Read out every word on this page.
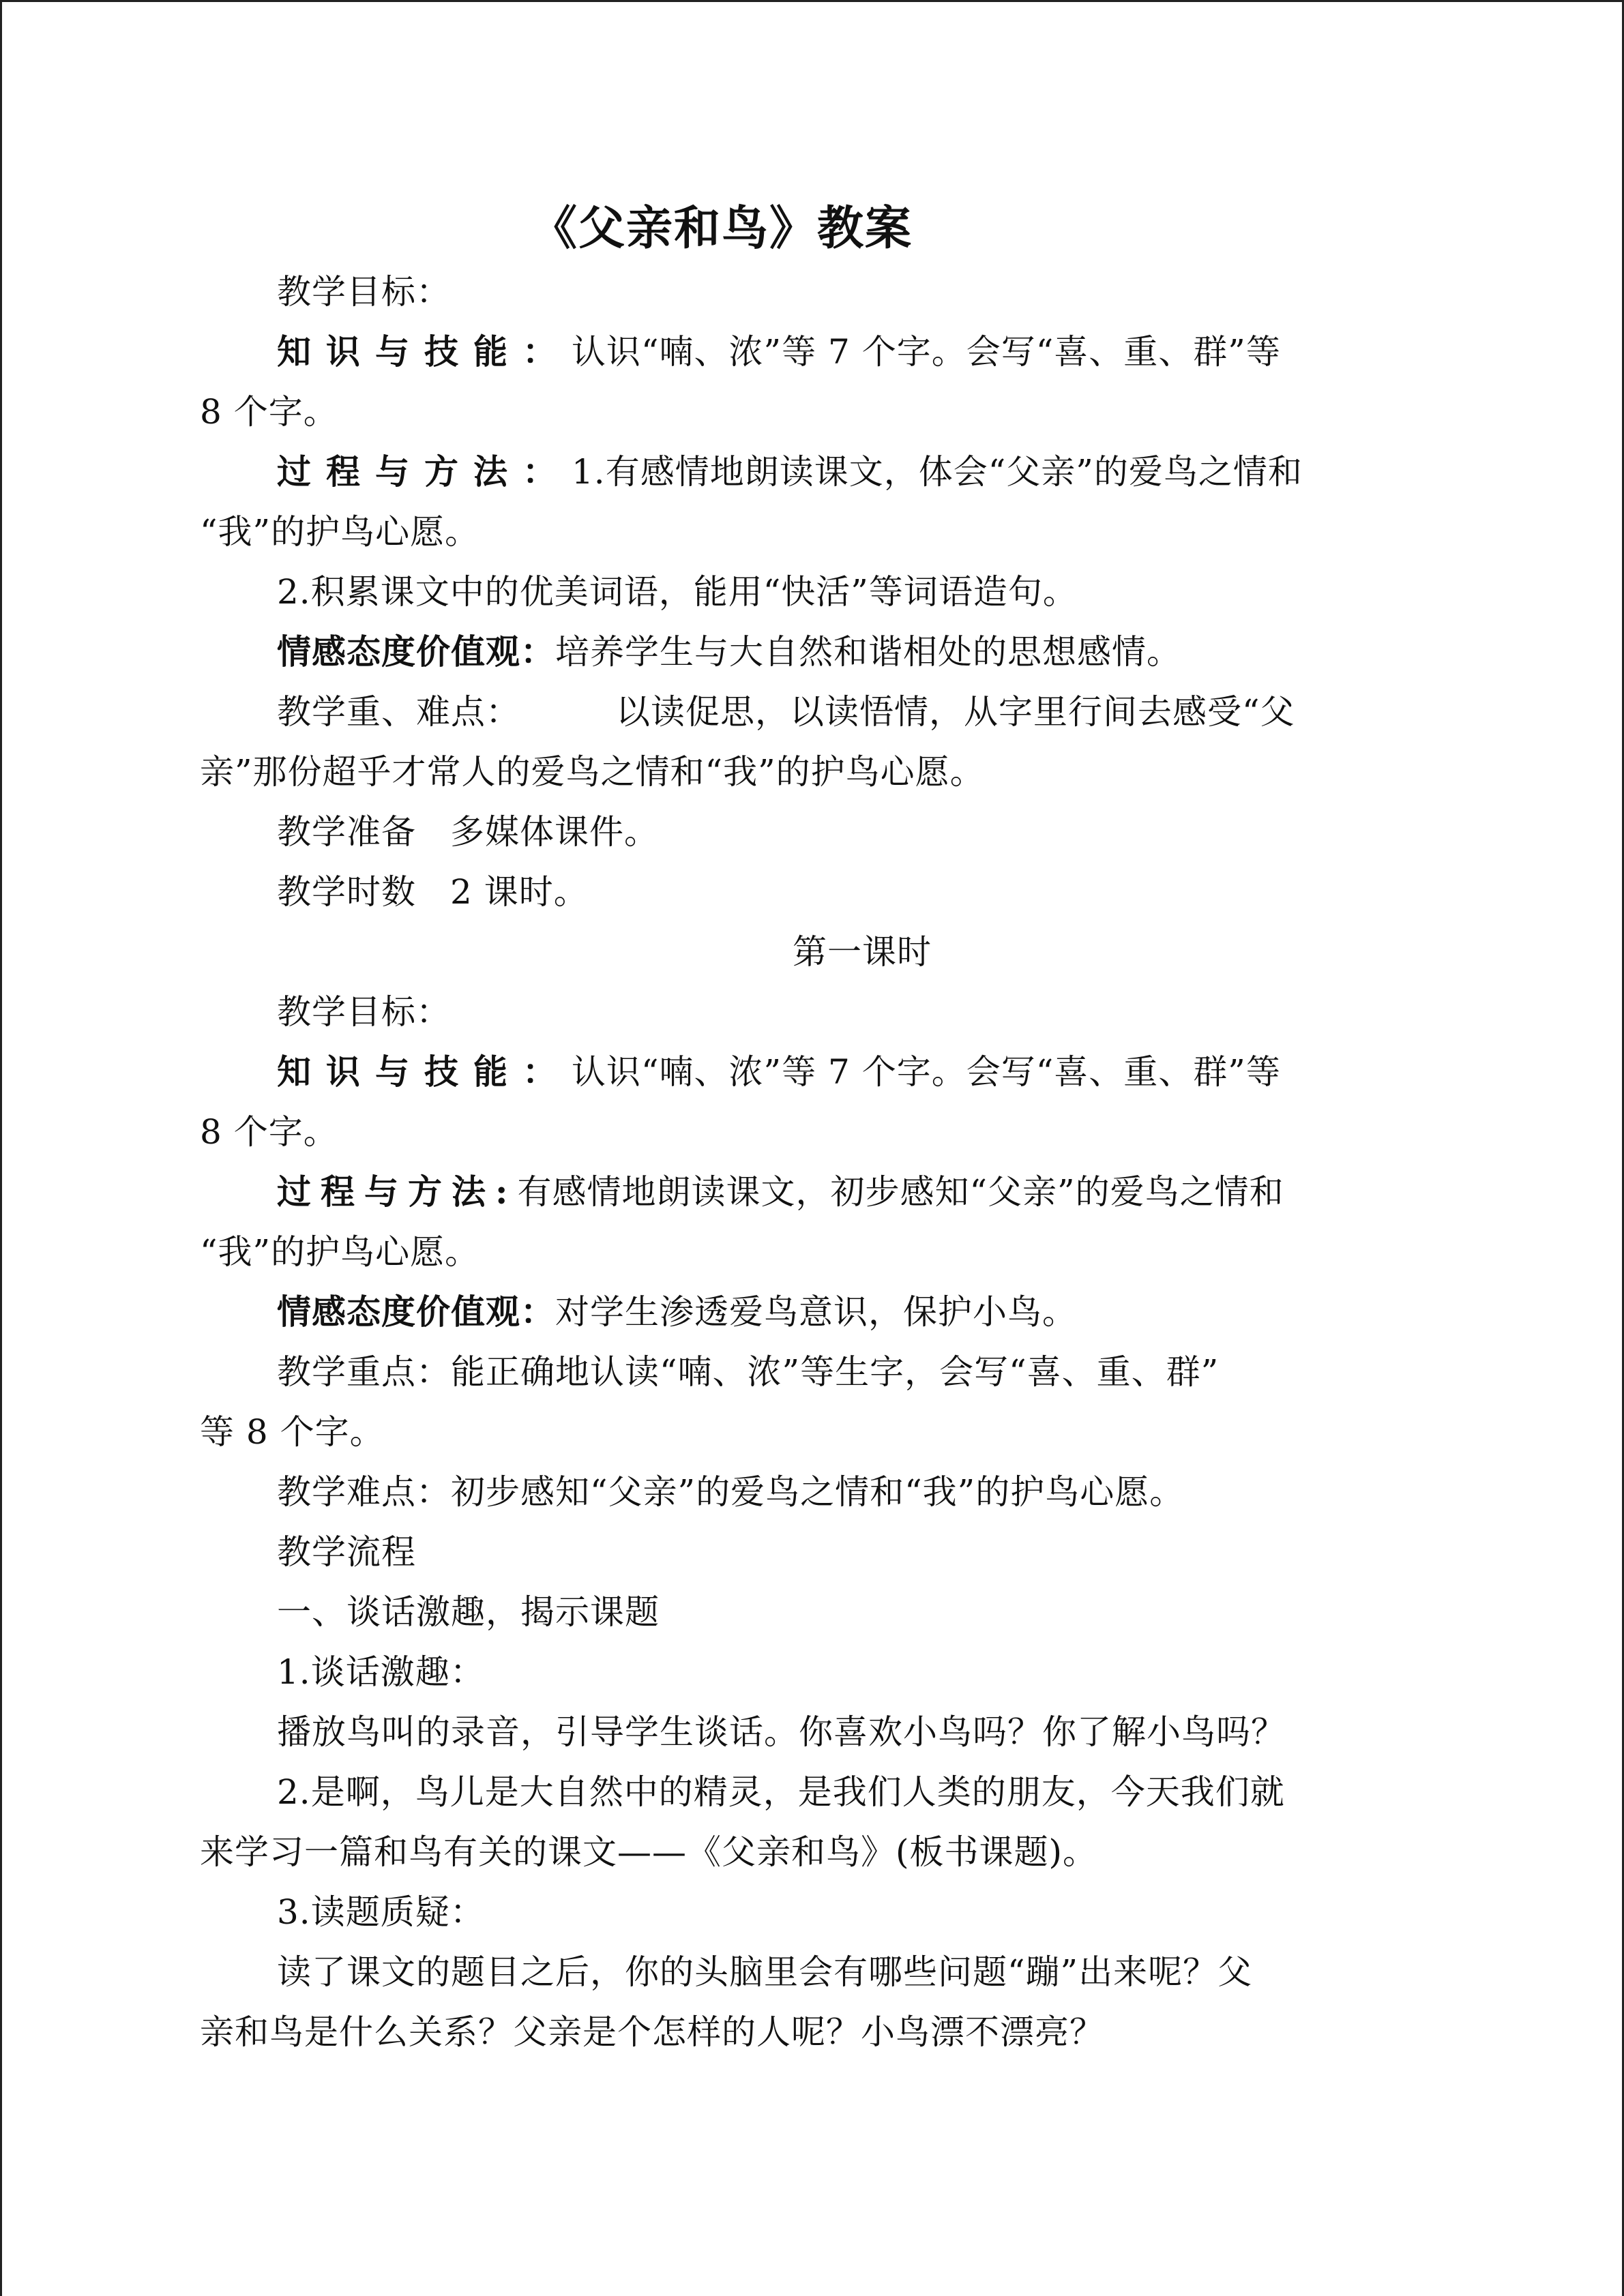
《父亲和鸟》教案

教学目标：

知识与技能：认识“喃、浓”等 7 个字。会写“喜、重、群”等

8 个字。

过程与方法：1.有感情地朗读课文，体会“父亲”的爱鸟之情和

“我”的护鸟心愿。

2.积累课文中的优美词语，能用“快活”等词语造句。

情感态度价值观：培养学生与大自然和谐相处的思想感情。

教学重、难点：	以读促思，以读悟情，从字里行间去感受“父

亲”那份超乎才常人的爱鸟之情和“我”的护鸟心愿。

教学准备 多媒体课件。

教学时数 2 课时。

第一课时

教学目标：

知识与技能：认识“喃、浓”等 7 个字。会写“喜、重、群”等

8 个字。

过程与方法:有感情地朗读课文，初步感知“父亲”的爱鸟之情和

“我”的护鸟心愿。

情感态度价值观：对学生渗透爱鸟意识，保护小鸟。

教学重点：能正确地认读“喃、浓”等生字，会写“喜、重、群”

等 8 个字。

教学难点：初步感知“父亲”的爱鸟之情和“我”的护鸟心愿。

教学流程

一、谈话激趣，揭示课题

1.谈话激趣：

播放鸟叫的录音，引导学生谈话。你喜欢小鸟吗？你了解小鸟吗？

2.是啊，鸟儿是大自然中的精灵，是我们人类的朋友，今天我们就

来学习一篇和鸟有关的课文——《父亲和鸟》(板书课题)。

3.读题质疑：

读了课文的题目之后，你的头脑里会有哪些问题“蹦”出来呢？父

亲和鸟是什么关系？父亲是个怎样的人呢？小鸟漂不漂亮？
